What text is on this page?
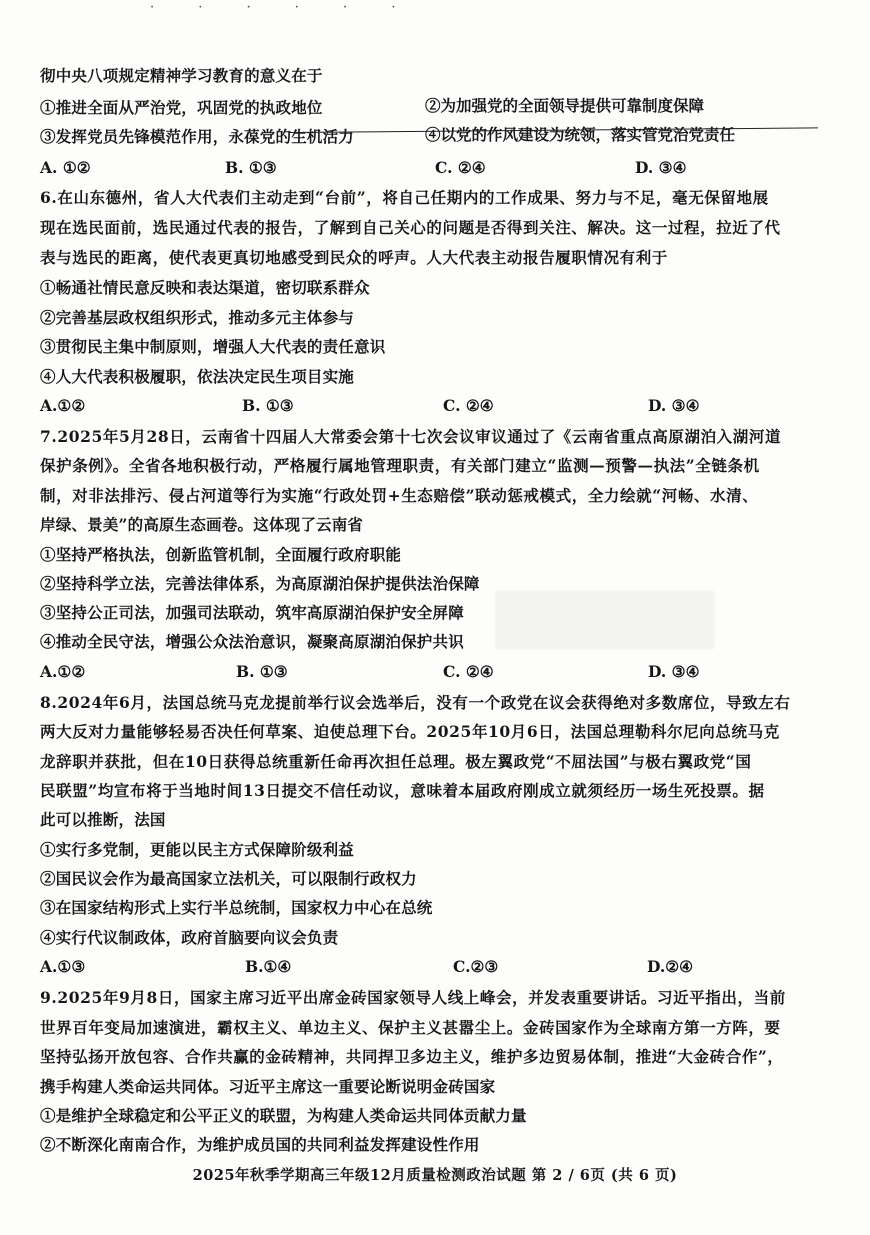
· · · · · ·
彻中央八项规定精神学习教育的意义在于
①推进全面从严治党，巩固党的执政地位	②为加强党的全面领导提供可靠制度保障
③发挥党员先锋模范作用，永葆党的生机活力	④以党的作风建设为统领，落实管党治党责任
A. ①②	B. ①③	C. ②④	D. ③④
6.在山东德州，省人大代表们主动走到“台前”，将自己任期内的工作成果、努力与不足，毫无保留地展
现在选民面前，选民通过代表的报告，了解到自己关心的问题是否得到关注、解决。这一过程，拉近了代
表与选民的距离，使代表更真切地感受到民众的呼声。人大代表主动报告履职情况有利于
①畅通社情民意反映和表达渠道，密切联系群众
②完善基层政权组织形式，推动多元主体参与
③贯彻民主集中制原则，增强人大代表的责任意识
④人大代表积极履职，依法决定民生项目实施
A.①②	B. ①③	C. ②④	D. ③④
7.2025年5月28日，云南省十四届人大常委会第十七次会议审议通过了《云南省重点高原湖泊入湖河道
保护条例》。全省各地积极行动，严格履行属地管理职责，有关部门建立“监测—预警—执法”全链条机
制，对非法排污、侵占河道等行为实施“行政处罚+生态赔偿”联动惩戒模式，全力绘就“河畅、水清、
岸绿、景美”的高原生态画卷。这体现了云南省
①坚持严格执法，创新监管机制，全面履行政府职能
②坚持科学立法，完善法律体系，为高原湖泊保护提供法治保障
③坚持公正司法，加强司法联动，筑牢高原湖泊保护安全屏障
④推动全民守法，增强公众法治意识，凝聚高原湖泊保护共识
A.①②	B. ①③	C. ②④	D. ③④
8.2024年6月，法国总统马克龙提前举行议会选举后，没有一个政党在议会获得绝对多数席位，导致左右
两大反对力量能够轻易否决任何草案、迫使总理下台。2025年10月6日，法国总理勒科尔尼向总统马克
龙辞职并获批，但在10日获得总统重新任命再次担任总理。极左翼政党“不屈法国”与极右翼政党“国
民联盟”均宣布将于当地时间13日提交不信任动议，意味着本届政府刚成立就须经历一场生死投票。据
此可以推断，法国
①实行多党制，更能以民主方式保障阶级利益
②国民议会作为最高国家立法机关，可以限制行政权力
③在国家结构形式上实行半总统制，国家权力中心在总统
④实行代议制政体，政府首脑要向议会负责
A.①③	B.①④	C.②③	D.②④
9.2025年9月8日，国家主席习近平出席金砖国家领导人线上峰会，并发表重要讲话。习近平指出，当前
世界百年变局加速演进，霸权主义、单边主义、保护主义甚嚣尘上。金砖国家作为全球南方第一方阵，要
坚持弘扬开放包容、合作共赢的金砖精神，共同捍卫多边主义，维护多边贸易体制，推进“大金砖合作”，
携手构建人类命运共同体。习近平主席这一重要论断说明金砖国家
①是维护全球稳定和公平正义的联盟，为构建人类命运共同体贡献力量
②不断深化南南合作，为维护成员国的共同利益发挥建设性作用
2025年秋季学期高三年级12月质量检测政治试题 第 2 / 6页 (共 6 页)
